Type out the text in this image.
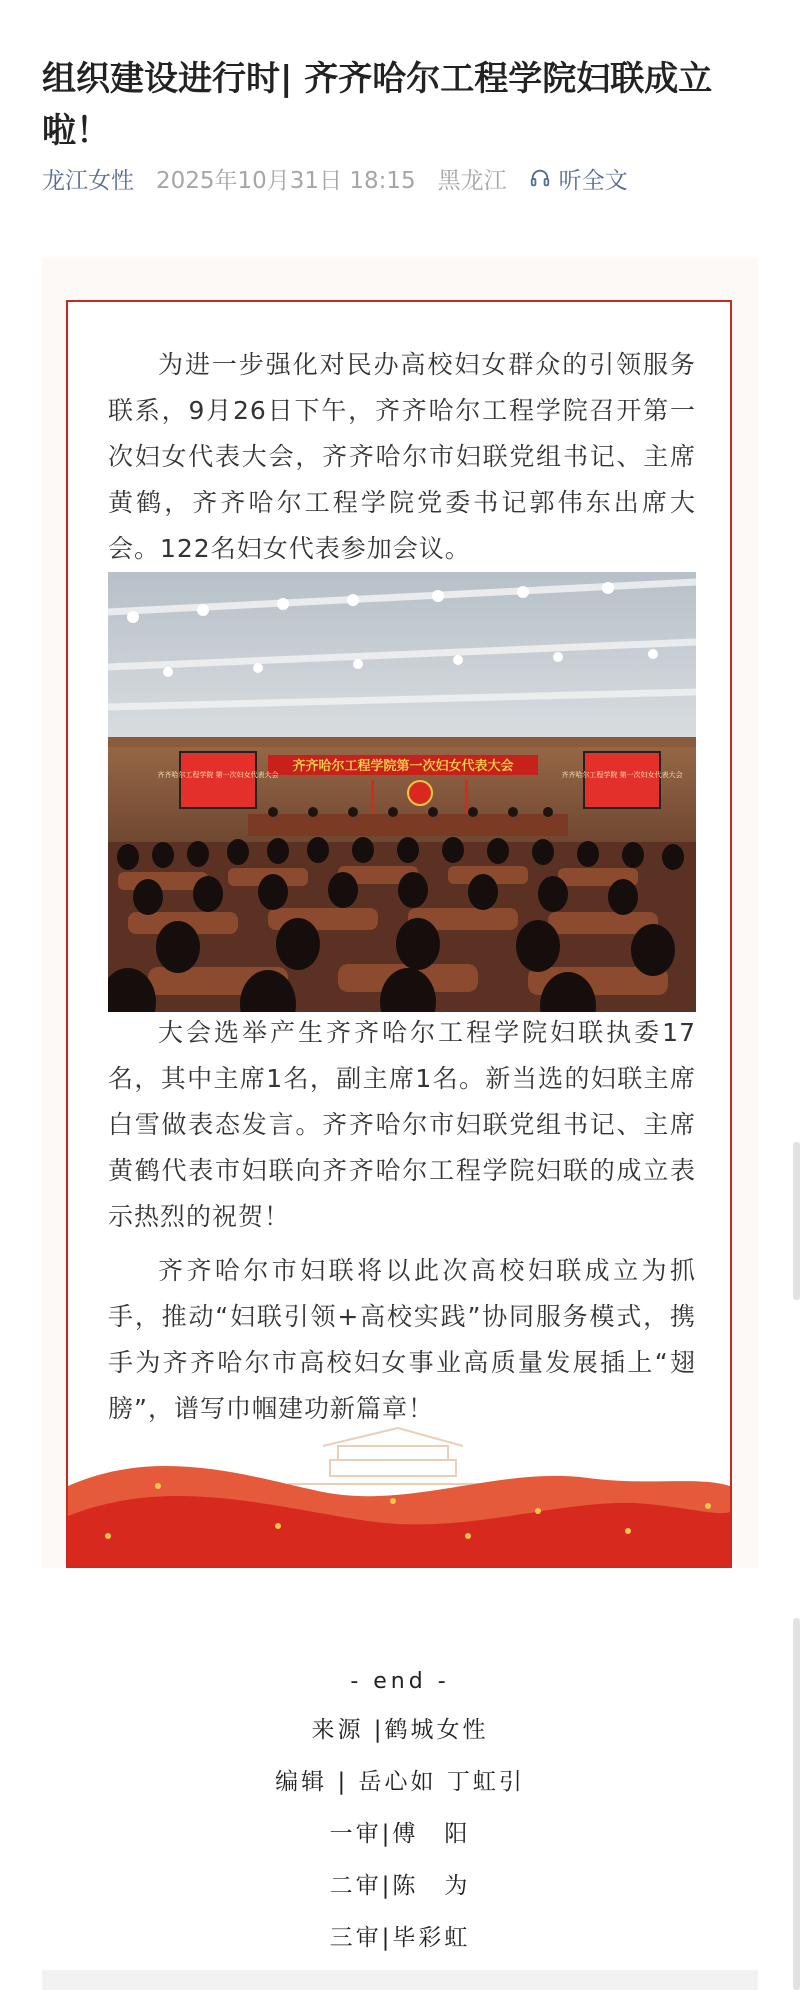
组织建设进行时| 齐齐哈尔工程学院妇联成立啦！
龙江女性 2025年10月31日 18:15 黑龙江 听全文

为进一步强化对民办高校妇女群众的引领服务联系，9月26日下午，齐齐哈尔工程学院召开第一次妇女代表大会，齐齐哈尔市妇联党组书记、主席黄鹤，齐齐哈尔工程学院党委书记郭伟东出席大会。122名妇女代表参加会议。

齐齐哈尔工程学院第一次妇女代表大会
齐齐哈尔工程学院 第一次妇女代表大会	齐齐哈尔工程学院 第一次妇女代表大会

大会选举产生齐齐哈尔工程学院妇联执委17名，其中主席1名，副主席1名。新当选的妇联主席白雪做表态发言。齐齐哈尔市妇联党组书记、主席黄鹤代表市妇联向齐齐哈尔工程学院妇联的成立表示热烈的祝贺！

齐齐哈尔市妇联将以此次高校妇联成立为抓手，推动“妇联引领+高校实践”协同服务模式，携手为齐齐哈尔市高校妇女事业高质量发展插上“翅膀”，谱写巾帼建功新篇章！

- end -
来源 |鹤城女性
编辑 | 岳心如 丁虹引
一审|傅　阳
二审|陈　为
三审|毕彩虹
